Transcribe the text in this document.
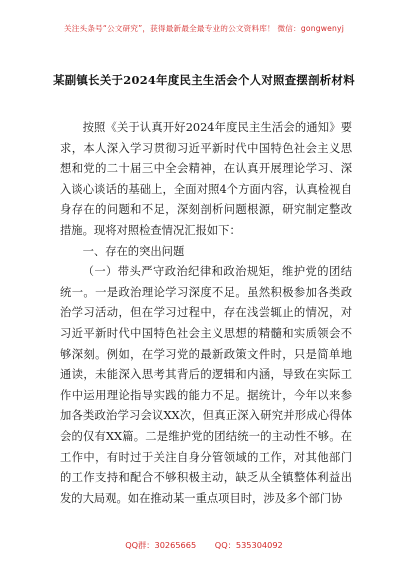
关注头条号“公文研究”，获得最新最全最专业的公文资料库！ 微信：gongwenyj
某副镇长关于2024年度民主生活会个人对照查摆剖析材料

按照《关于认真开好2024年度民主生活会的通知》要求，本人深入学习贯彻习近平新时代中国特色社会主义思想和党的二十届三中全会精神，在认真开展理论学习、深入谈心谈话的基础上，全面对照4个方面内容，认真检视自身存在的问题和不足，深刻剖析问题根源，研究制定整改措施。现将对照检查情况汇报如下：

一、存在的突出问题

（一）带头严守政治纪律和政治规矩，维护党的团结统一。一是政治理论学习深度不足。虽然积极参加各类政治学习活动，但在学习过程中，存在浅尝辄止的情况，对习近平新时代中国特色社会主义思想的精髓和实质领会不够深刻。例如，在学习党的最新政策文件时，只是简单地通读，未能深入思考其背后的逻辑和内涵，导致在实际工作中运用理论指导实践的能力不足。据统计，今年以来参加各类政治学习会议XX次，但真正深入研究并形成心得体会的仅有XX篇。二是维护党的团结统一的主动性不够。在工作中，有时过于关注自身分管领域的工作，对其他部门的工作支持和配合不够积极主动，缺乏从全镇整体利益出发的大局观。如在推动某一重点项目时，涉及多个部门协

QQ群：30265665 QQ：535304092
